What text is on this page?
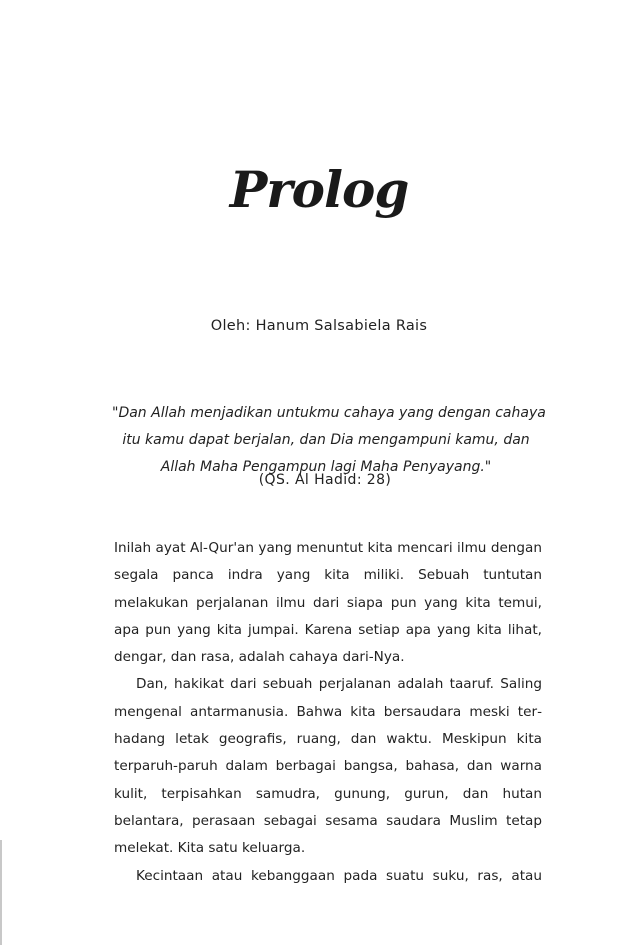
Prolog
Oleh: Hanum Salsabiela Rais
"Dan Allah menjadikan untukmu cahaya yang dengan cahaya
itu kamu dapat berjalan, dan Dia mengampuni kamu, dan
Allah Maha Pengampun lagi Maha Penyayang."
(QS. Al Hadid: 28)

Inilah ayat Al-Qur'an yang menuntut kita mencari ilmu dengan segala panca indra yang kita miliki. Sebuah tuntutan melakukan perjalanan ilmu dari siapa pun yang kita temui, apa pun yang kita jumpai. Karena setiap apa yang kita lihat, dengar, dan rasa, adalah cahaya dari-Nya.

Dan, hakikat dari sebuah perjalanan adalah taaruf. Saling mengenal antarmanusia. Bahwa kita bersaudara meski terhadang letak geografis, ruang, dan waktu. Meskipun kita terparuh-paruh dalam berbagai bangsa, bahasa, dan warna kulit, terpisahkan samudra, gunung, gurun, dan hutan belantara, perasaan sebagai sesama saudara Muslim tetap melekat. Kita satu keluarga.

Kecintaan atau kebanggaan pada suatu suku, ras, atau
